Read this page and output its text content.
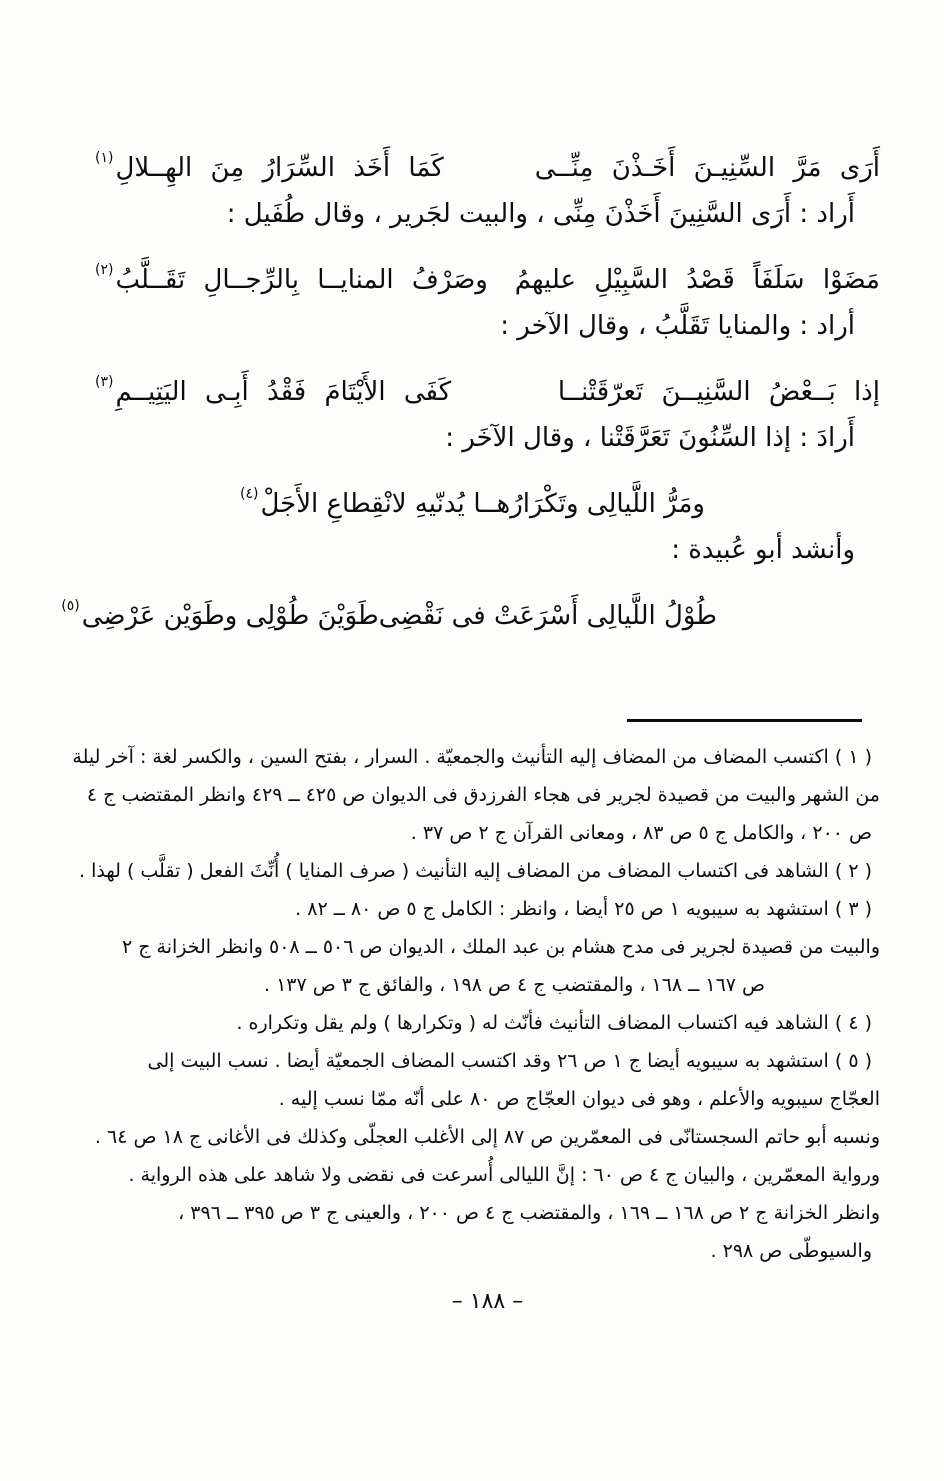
أَرَى مَرَّ السِّنِيـنَ أَخَـذْنَ مِنِّــى
كَمَا أَخَذ السِّرَارُ مِنَ الهِــلالِ$^{(١)}$

أَراد : أَرَى السَّنِينَ أَخَذْنَ مِنِّى ، والبيت لجَرير ، وقال طُفَيل :

مَضَوْا سَلَفَاً قَصْدُ السَّبِيْلِ عليهمُ
وصَرْفُ المنايــا بِالرِّجــالِ تَقَــلَّبُ$^{(٢)}$

أراد : والمنايا تَقَلَّبُ ، وقال الآخر :

إذا بَــعْضُ السَّنِيــنَ تَعرّقَتْنــا
كَفَى الأَيْتَامَ فَقْدُ أَبِـى اليَتِيــمِ$^{(٣)}$

أَرادَ : إذا السِّنُونَ تَعَرَّقَتْنا ، وقال الآخَر :

ومَرُّ اللَّيالِى وتَكْرَارُهــا
يُدنّيهِ لانْقِطاعِ الأَجَلْ$^{(٤)}$

وأنشد أبو عُبيدة :

طُوْلُ اللَّيالِى أَسْرَعَتْ فى نَقْضِى
طَوَيْنَ طُوْلِى وطَوَيْن عَرْضِى$^{(٥)}$

( ١ ) اكتسب المضاف من المضاف إليه التأنيث والجمعيّة . السرار ، بفتح السين ، والكسر لغة : آخر ليلة

من الشهر والبيت من قصيدة لجرير فى هجاء الفرزدق فى الديوان ص ٤٢٥ ــ ٤٢٩ وانظر المقتضب ج ٤

ص ٢٠٠ ، والكامل ج ٥ ص ٨٣ ، ومعانى القرآن ج ٢ ص ٣٧ .

( ٢ ) الشاهد فى اكتساب المضاف من المضاف إليه التأنيث ( صرف المنايا ) أُنِّثَ الفعل ( تقلَّب ) لهذا .

( ٣ ) استشهد به سيبويه ١ ص ٢٥ أيضا ، وانظر : الكامل ج ٥ ص ٨٠ ــ ٨٢ .

والبيت من قصيدة لجرير فى مدح هشام بن عبد الملك ، الديوان ص ٥٠٦ ــ ٥٠٨ وانظر الخزانة ج ٢

ص ١٦٧ ــ ١٦٨ ، والمقتضب ج ٤ ص ١٩٨ ، والفائق ج ٣ ص ١٣٧ .

( ٤ ) الشاهد فيه اكتساب المضاف التأنيث فأنّث له ( وتكرارها ) ولم يقل وتكراره .

( ٥ ) استشهد به سيبويه أيضا ج ١ ص ٢٦ وقد اكتسب المضاف الجمعيّة أيضا . نسب البيت إلى

العجّاج سيبويه والأعلم ، وهو فى ديوان العجّاج ص ٨٠ على أنّه ممّا نسب إليه .

ونسبه أبو حاتم السجستانّى فى المعمّرين ص ٨٧ إلى الأغلب العجلّى وكذلك فى الأغانى ج ١٨ ص ٦٤ .

ورواية المعمّرين ، والبيان ج ٤ ص ٦٠ : إنَّ الليالى أُسرعت فى نقضى ولا شاهد على هذه الرواية .

وانظر الخزانة ج ٢ ص ١٦٨ ــ ١٦٩ ، والمقتضب ج ٤ ص ٢٠٠ ، والعينى ج ٣ ص ٣٩٥ ــ ٣٩٦ ،

والسيوطّى ص ٢٩٨ .

– ١٨٨ –
